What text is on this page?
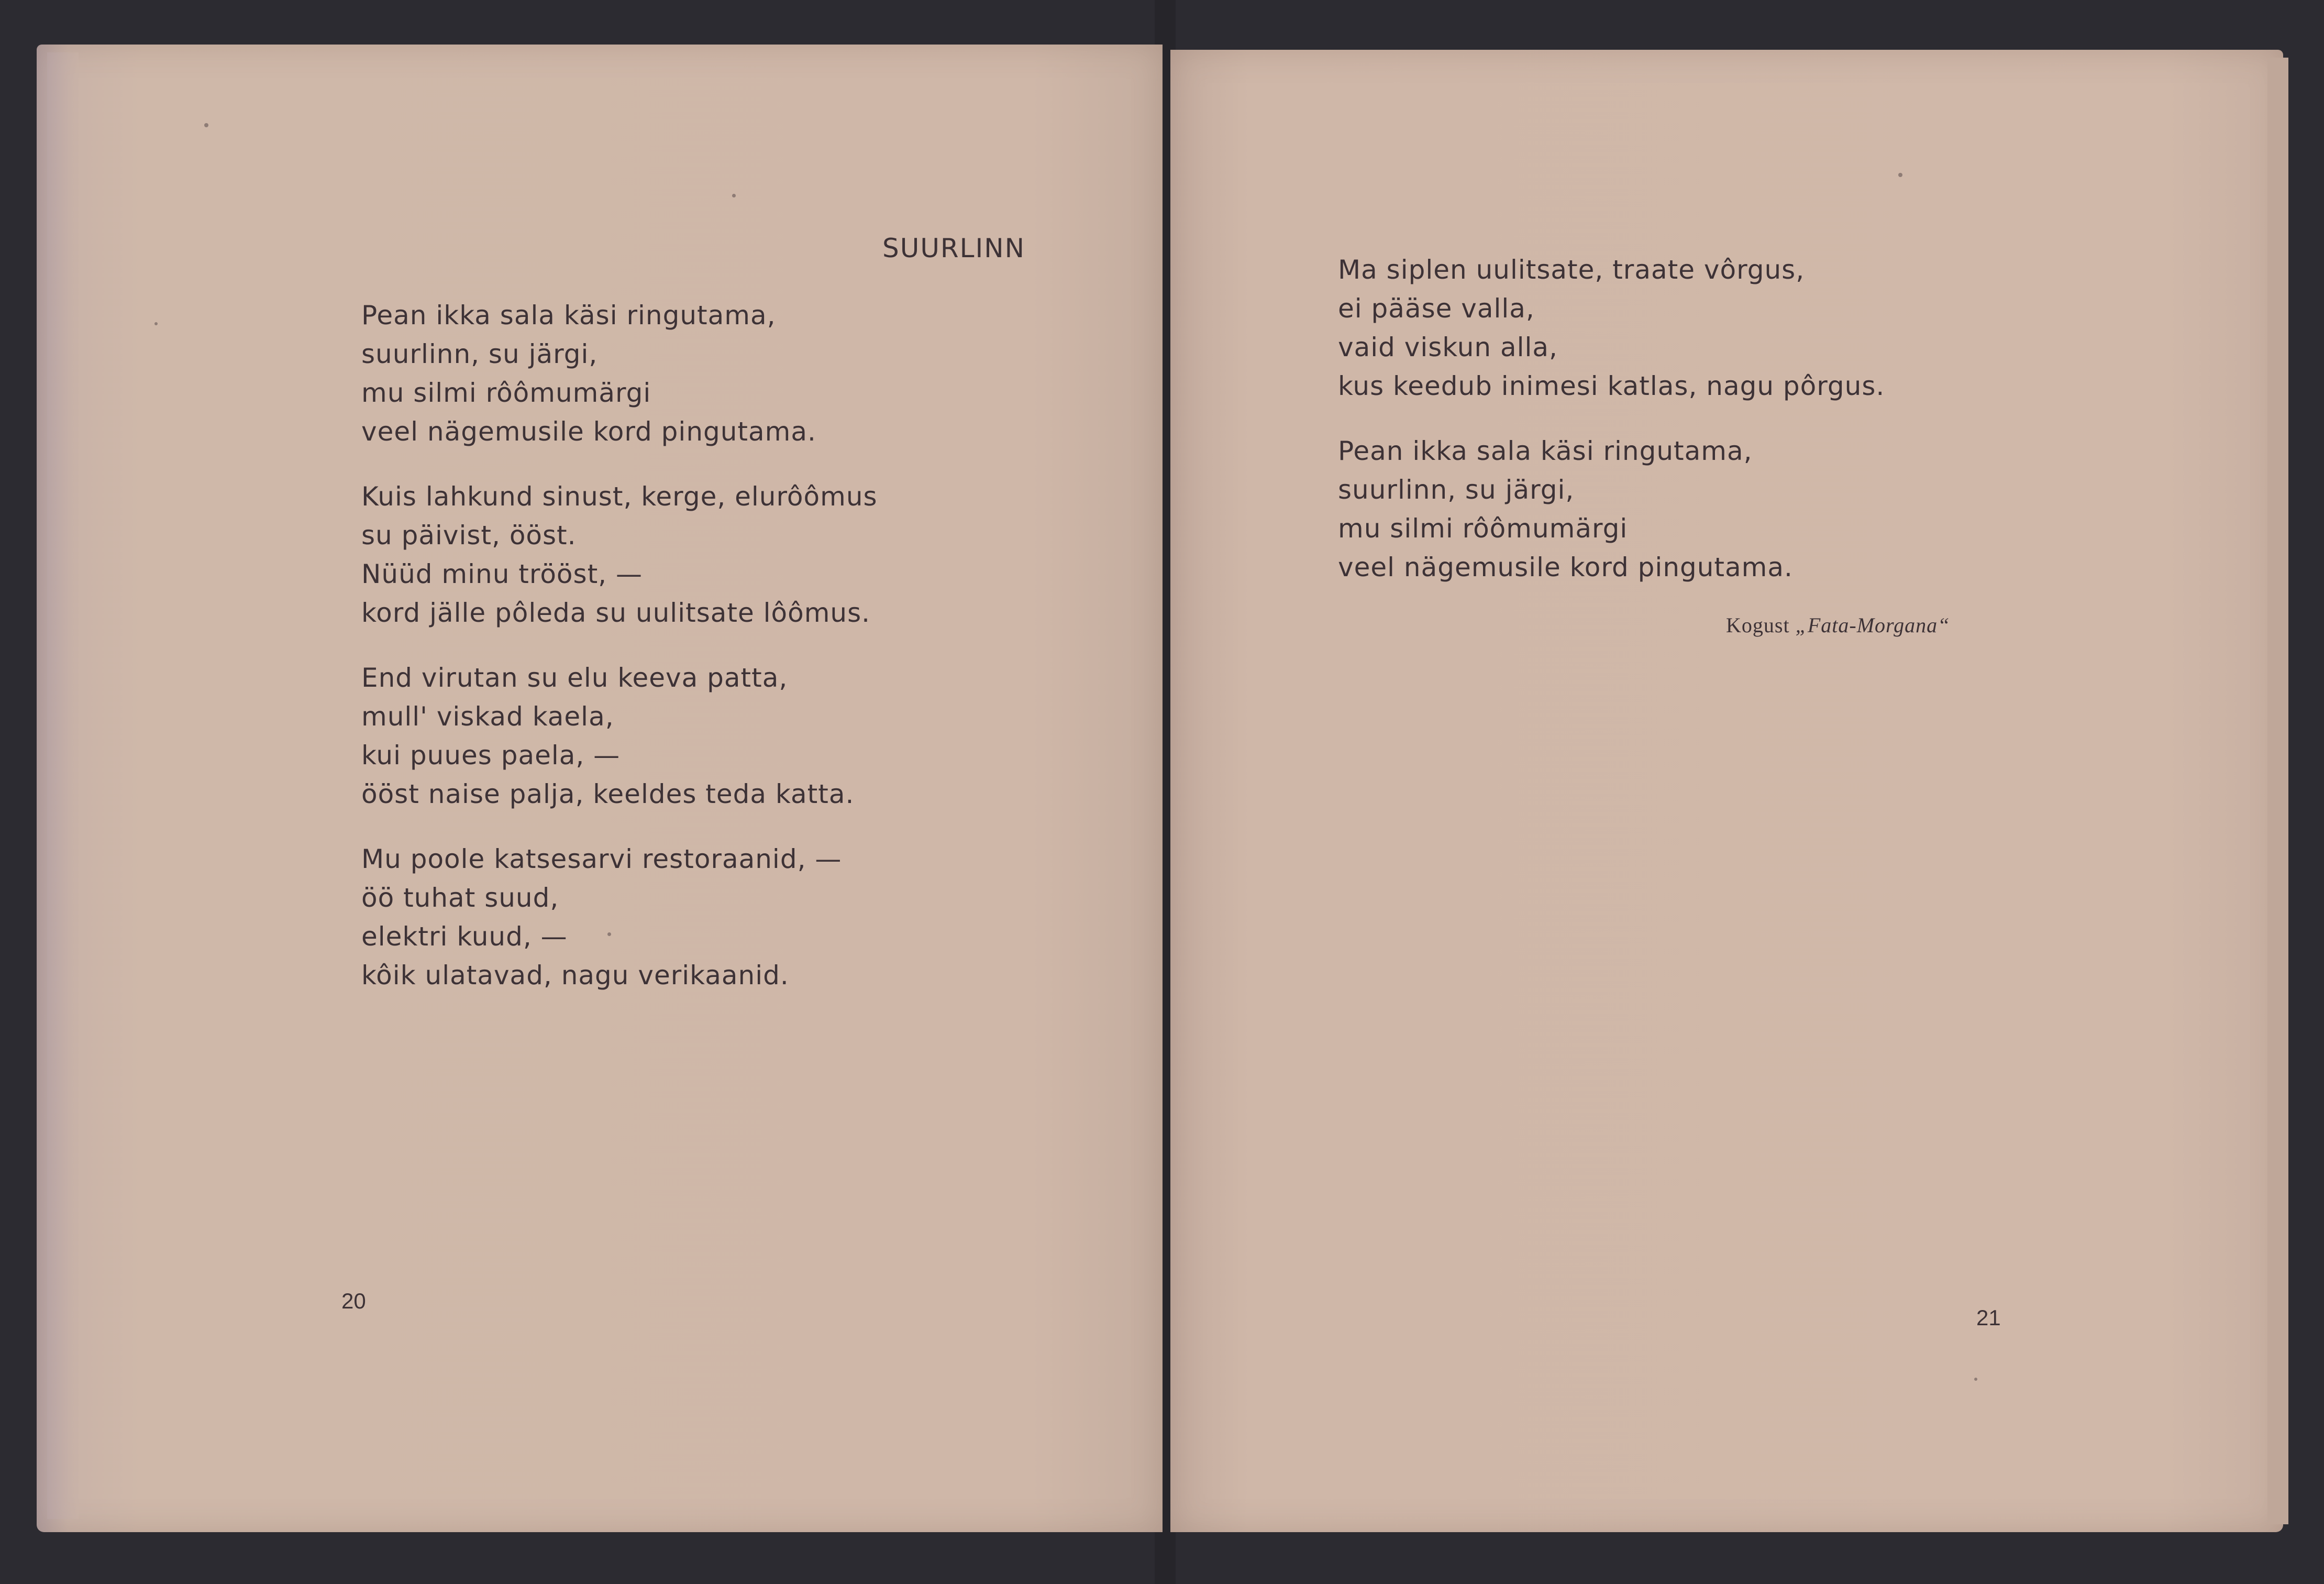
SUURLINN
Pean ikka sala käsi ringutama,
suurlinn, su järgi,
mu silmi rôômumärgi
veel nägemusile kord pingutama.
Kuis lahkund sinust, kerge, elurôômus
su päivist, ööst.
Nüüd minu trööst, —
kord jälle pôleda su uulitsate lôômus.
End virutan su elu keeva patta,
mull' viskad kaela,
kui puues paela, —
ööst naise palja, keeldes teda katta.
Mu poole katsesarvi restoraanid, —
öö tuhat suud,
elektri kuud, —
kôik ulatavad, nagu verikaanid.
20
Ma siplen uulitsate, traate vôrgus,
ei pääse valla,
vaid viskun alla,
kus keedub inimesi katlas, nagu pôrgus.
Pean ikka sala käsi ringutama,
suurlinn, su järgi,
mu silmi rôômumärgi
veel nägemusile kord pingutama.
Kogust „Fata-Morgana“
21
